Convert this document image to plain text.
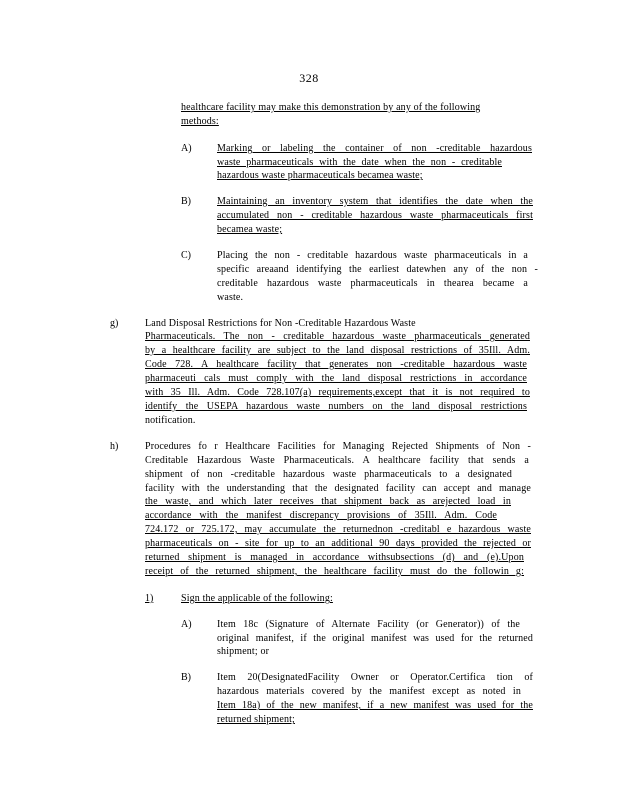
328
healthcare facility may make this demonstration by any of the following
methods:
A)	Marking or labeling the container of non -creditable hazardous
waste pharmaceuticals with the date when the non - creditable
hazardous waste pharmaceuticals becamea waste;
B)	Maintaining an inventory system that identifies the date when the
accumulated non - creditable hazardous waste pharmaceuticals first
becamea waste;
C)	Placing the non - creditable hazardous waste pharmaceuticals in a
specific areaand identifying the earliest datewhen any of the non -
creditable hazardous waste pharmaceuticals in thearea became a
waste.
g)	Land Disposal Restrictions for Non -Creditable Hazardous Waste
Pharmaceuticals. The non - creditable hazardous waste pharmaceuticals generated
by a healthcare facility are subject to the land disposal restrictions of 35Ill. Adm.
Code 728. A healthcare facility that generates non -creditable hazardous waste
pharmaceuti cals must comply with the land disposal restrictions in accordance
with 35 Ill. Adm. Code 728.107(a) requirements,except that it is not required to
identify the USEPA hazardous waste numbers on the land disposal restrictions
notification.
h)	Procedures fo r Healthcare Facilities for Managing Rejected Shipments of Non -
Creditable Hazardous Waste Pharmaceuticals. A healthcare facility that sends a
shipment of non -creditable hazardous waste pharmaceuticals to a designated
facility with the understanding that the designated facility can accept and manage
the waste, and which later receives that shipment back as arejected load in
accordance with the manifest discrepancy provisions of 35Ill. Adm. Code
724.172 or 725.172, may accumulate the returnednon -creditabl e hazardous waste
pharmaceuticals on - site for up to an additional 90 days provided the rejected or
returned shipment is managed in accordance withsubsections (d) and (e).Upon
receipt of the returned shipment, the healthcare facility must do the followin g:
1)	Sign the applicable of the following:
A)	Item 18c (Signature of Alternate Facility (or Generator)) of the
original manifest, if the original manifest was used for the returned
shipment; or
B)	Item 20(DesignatedFacility Owner or Operator.Certifica tion of
hazardous materials covered by the manifest except as noted in
Item 18a) of the new manifest, if a new manifest was used for the
returned shipment;
